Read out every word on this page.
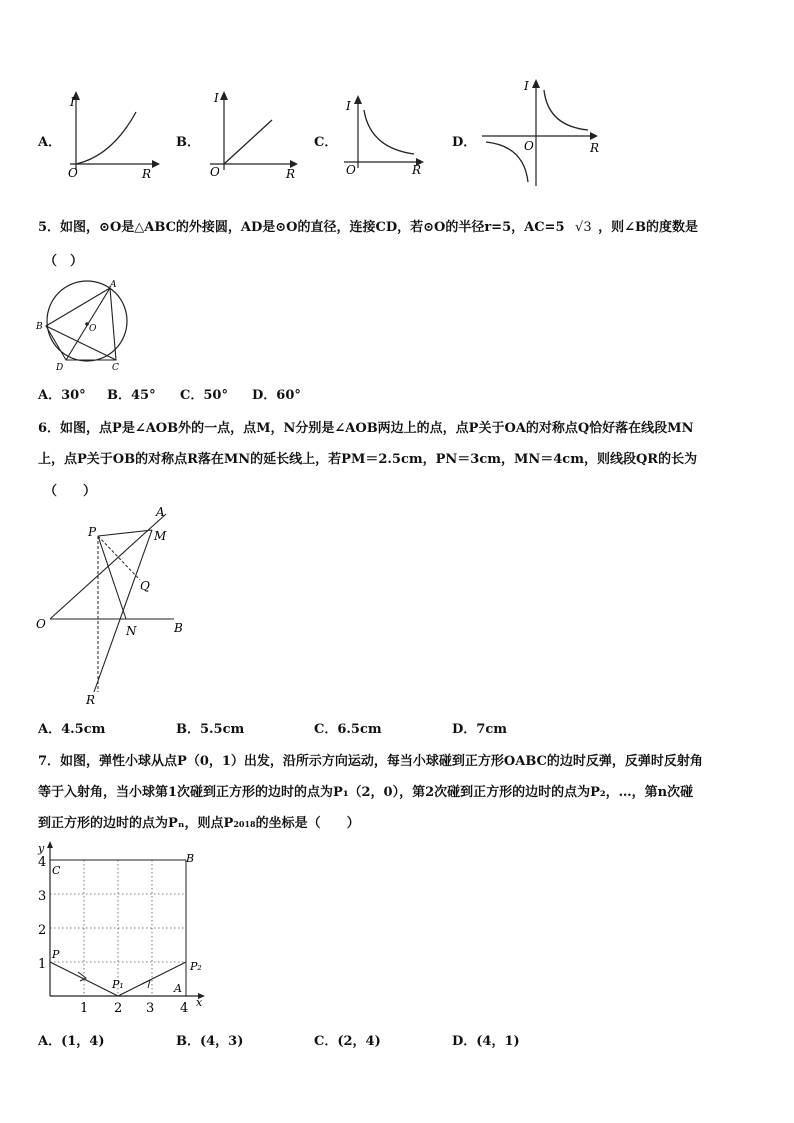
A．
I
R
O
B．
I
R
O
C．
I
R
O
D．
I
R
O
5．如图，⊙O是△ABC的外接圆，AD是⊙O的直径，连接CD，若⊙O的半径r=5，AC=5 √3 ，则∠B的度数是
（　）
A
B
C
D
O
A．30° B．45° C．50° D．60°
6．如图，点P是∠AOB外的一点，点M，N分别是∠AOB两边上的点，点P关于OA的对称点Q恰好落在线段MN
上，点P关于OB的对称点R落在MN的延长线上，若PM＝2.5cm，PN＝3cm，MN＝4cm，则线段QR的长为
（　　）
P
A
M
Q
O	N	B
R
A．4.5cm	B．5.5cm	C．6.5cm	D．7cm
7．如图，弹性小球从点P（0，1）出发，沿所示方向运动，每当小球碰到正方形OABC的边时反弹，反弹时反射角
等于入射角，当小球第1次碰到正方形的边时的点为P₁（2，0），第2次碰到正方形的边时的点为P₂，…，第n次碰
到正方形的边时的点为Pₙ，则点P2018的坐标是（　　）
y
x
C
B
A
P
P₁
P₂
4
3
2
1
1 2 3 4
A．(1，4)	B．(4，3)	C．(2，4)	D．(4，1)
